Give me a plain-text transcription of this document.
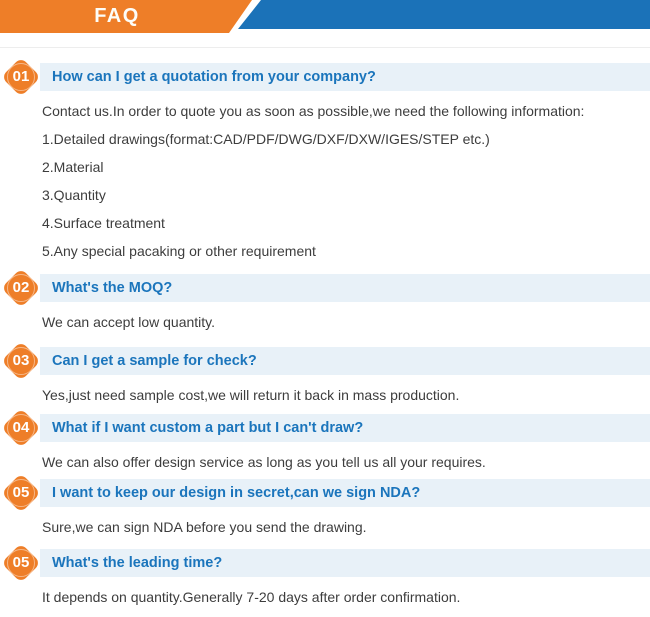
FAQ
How can I get a quotation from your company?
01

Contact us.In order to quote you as soon as possible,we need the following information:

1.Detailed drawings(format:CAD/PDF/DWG/DXF/DXW/IGES/STEP etc.)

2.Material

3.Quantity

4.Surface treatment

5.Any special pacaking or other requirement

What's the MOQ?
02

We can accept low quantity.

Can I get a sample for check?
03

Yes,just need sample cost,we will return it back in mass production.

What if I want custom a part but I can't draw?
04

We can also offer design service as long as you tell us all your requires.

I want to keep our design in secret,can we sign NDA?
05

Sure,we can sign NDA before you send the drawing.

What's the leading time?
05

It depends on quantity.Generally 7-20 days after order confirmation.
